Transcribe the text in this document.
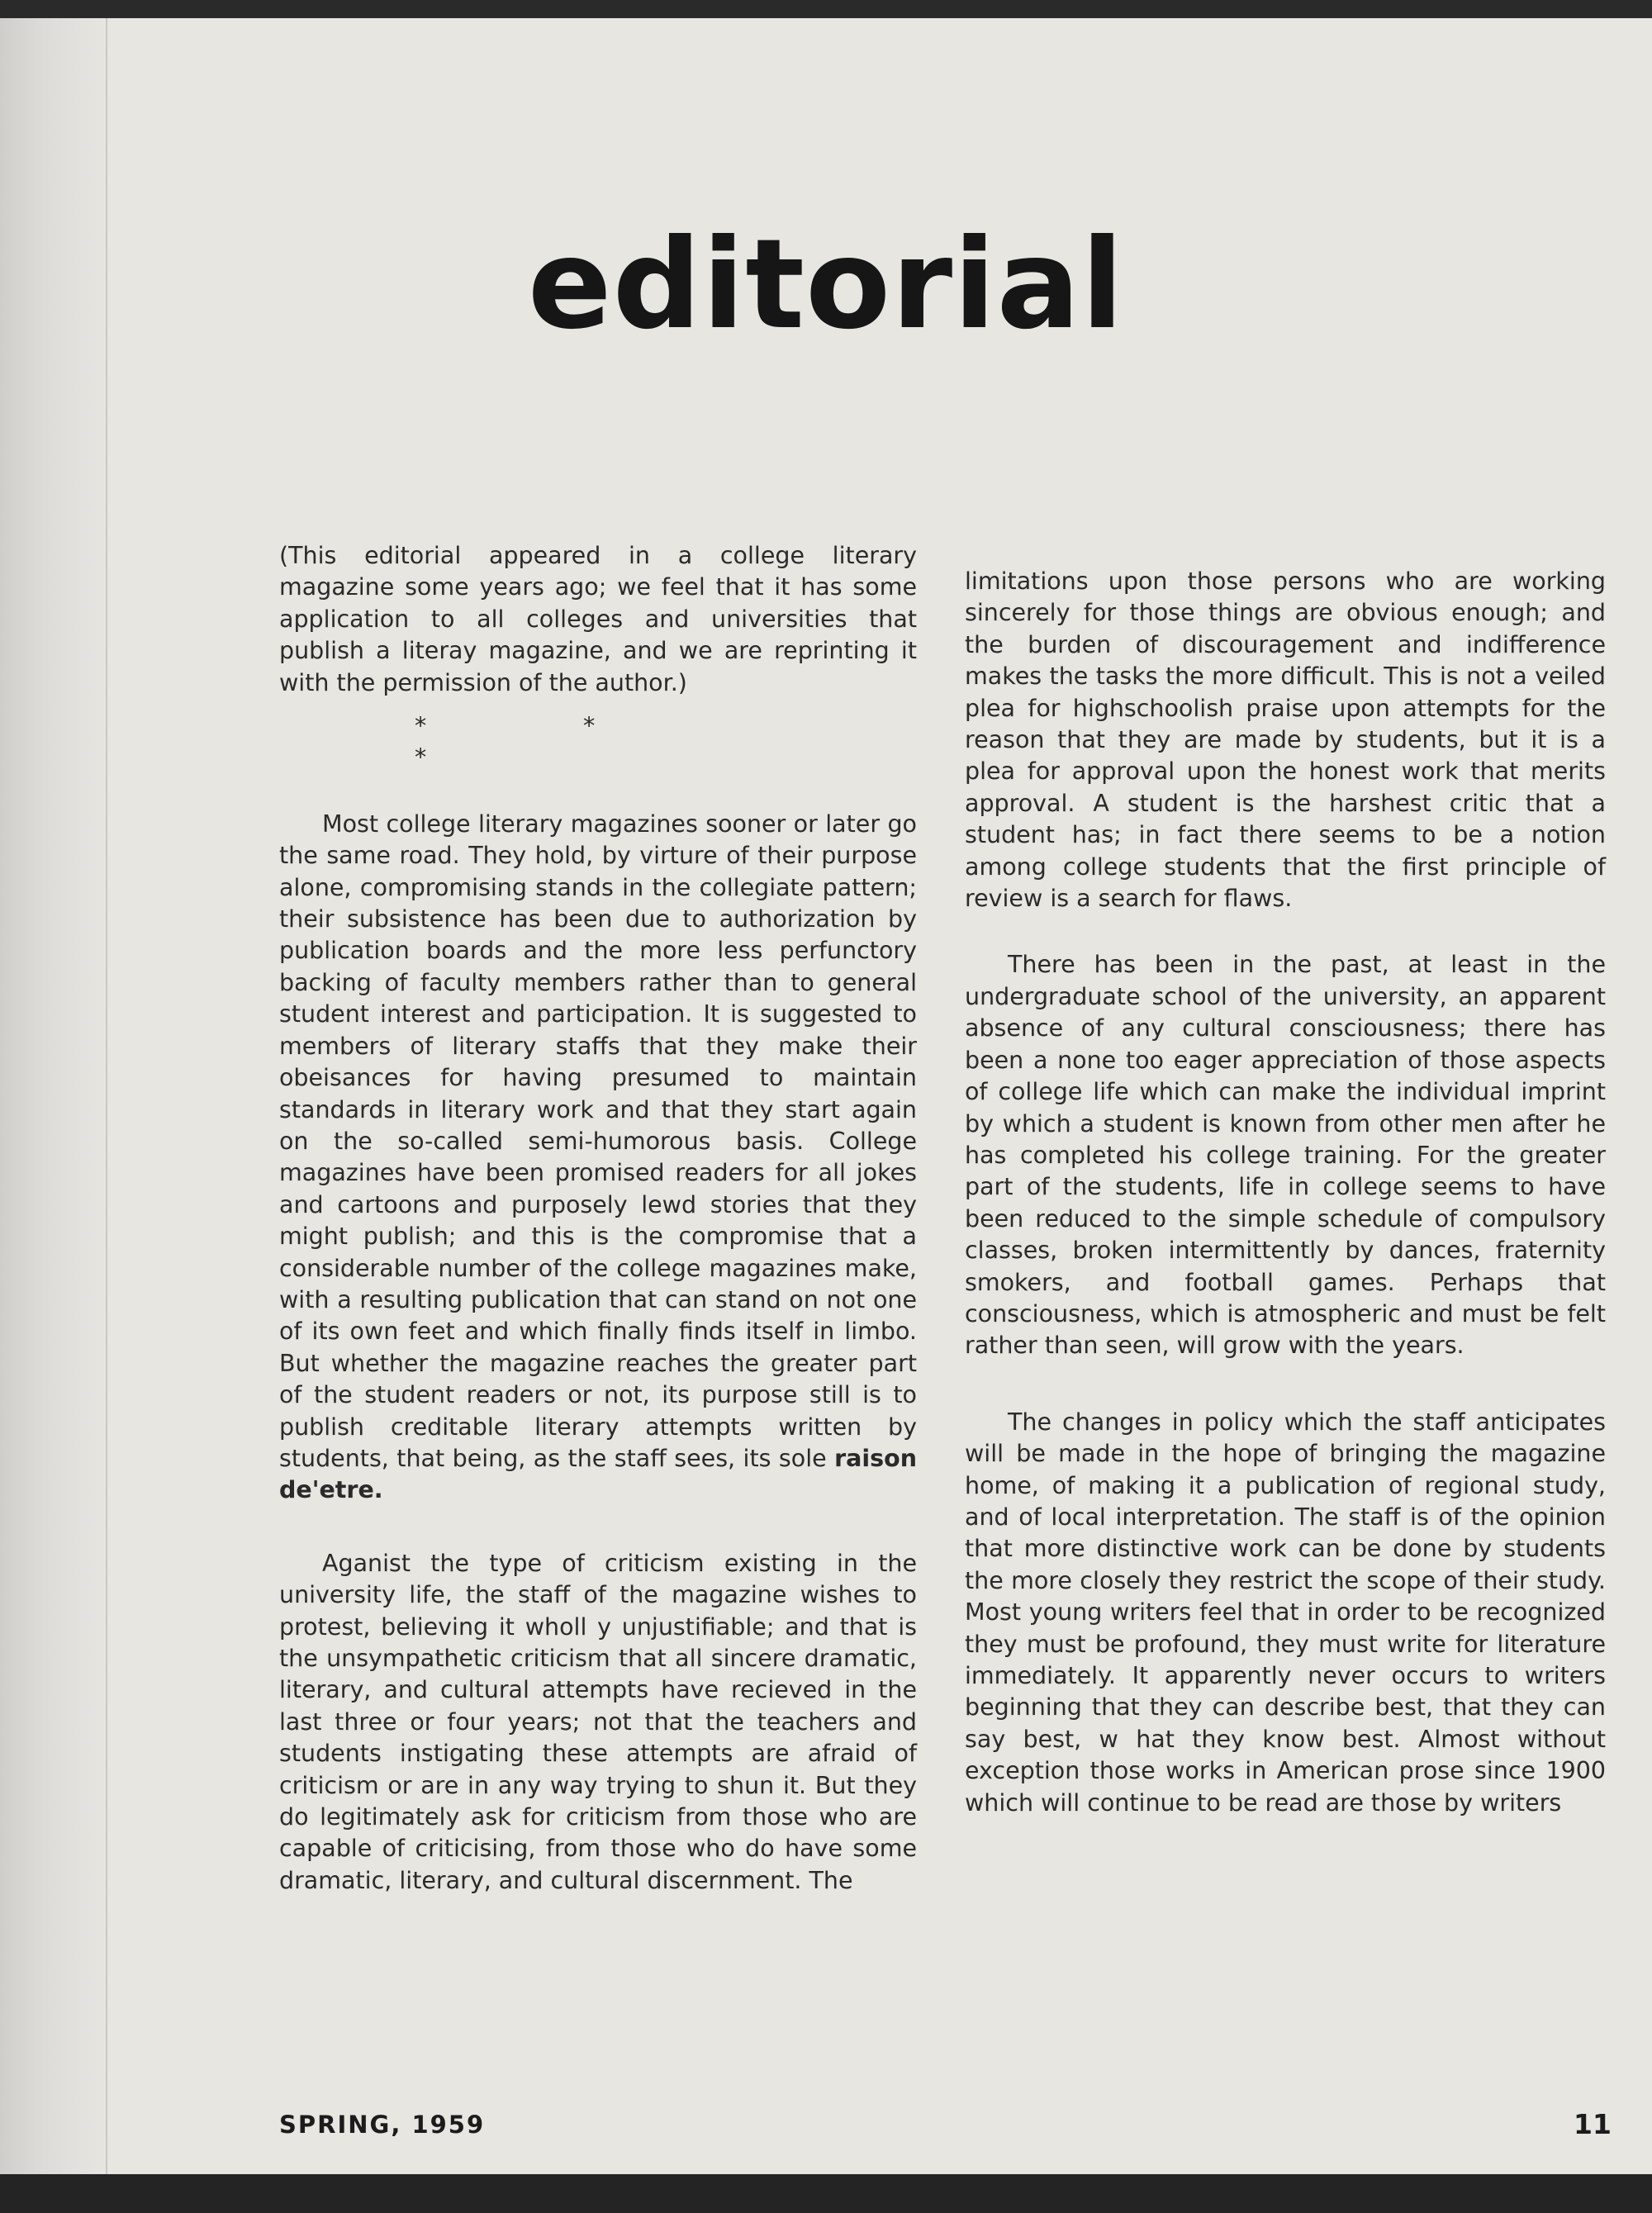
editorial

(This editorial appeared in a college literary magazine some years ago; we feel that it has some application to all colleges and universities that publish a literay magazine, and we are reprinting it with the permission of the author.)

*	**

Most college literary magazines sooner or later go the same road. They hold, by virture of their purpose alone, compromising stands in the collegiate pattern; their subsistence has been due to authorization by publication boards and the more less perfunctory backing of faculty members rather than to general student interest and participation. It is suggested to members of literary staffs that they make their obeisances for having presumed to maintain standards in literary work and that they start again on the so-called semi-humorous basis. College magazines have been promised readers for all jokes and cartoons and purposely lewd stories that they might publish; and this is the compromise that a considerable number of the college magazines make, with a resulting publication that can stand on not one of its own feet and which finally finds itself in limbo. But whether the magazine reaches the greater part of the student readers or not, its purpose still is to publish creditable literary attempts written by students, that being, as the staff sees, its sole raison de'etre.

Aganist the type of criticism existing in the university life, the staff of the magazine wishes to protest, believing it wholl y unjustifiable; and that is the unsympathetic criticism that all sincere dramatic, literary, and cultural attempts have recieved in the last three or four years; not that the teachers and students instigating these attempts are afraid of criticism or are in any way trying to shun it. But they do legitimately ask for criticism from those who are capable of criticising, from those who do have some dramatic, literary, and cultural discernment. The

limitations upon those persons who are working sincerely for those things are obvious enough; and the burden of discouragement and indifference makes the tasks the more difficult. This is not a veiled plea for highschoolish praise upon attempts for the reason that they are made by students, but it is a plea for approval upon the honest work that merits approval. A student is the harshest critic that a student has; in fact there seems to be a notion among college students that the first principle of review is a search for flaws.

There has been in the past, at least in the undergraduate school of the university, an apparent absence of any cultural consciousness; there has been a none too eager appreciation of those aspects of college life which can make the individual imprint by which a student is known from other men after he has completed his college training. For the greater part of the students, life in college seems to have been reduced to the simple schedule of compulsory classes, broken intermittently by dances, fraternity smokers, and football games. Perhaps that consciousness, which is atmospheric and must be felt rather than seen, will grow with the years.

The changes in policy which the staff anticipates will be made in the hope of bringing the magazine home, of making it a publication of regional study, and of local interpretation. The staff is of the opinion that more distinctive work can be done by students the more closely they restrict the scope of their study. Most young writers feel that in order to be recognized they must be profound, they must write for literature immediately. It apparently never occurs to writers beginning that they can describe best, that they can say best, w hat they know best. Almost without exception those works in American prose since 1900 which will continue to be read are those by writers

SPRING, 1959	11
